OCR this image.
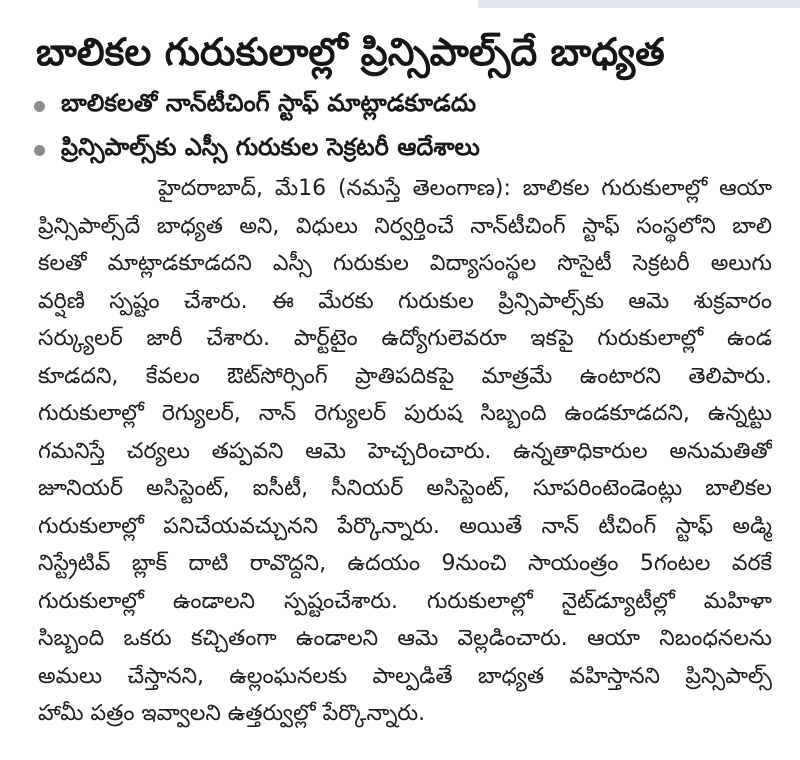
బాలికల గురుకులాల్లో ప్రిన్సిపాల్స్‌దే బాధ్యత
బాలికలతో నాన్‌టీచింగ్ స్టాఫ్ మాట్లాడకూడదు
ప్రిన్సిపాల్స్‌కు ఎస్సీ గురుకుల సెక్రటరీ ఆదేశాలు
హైదరాబాద్, మే16 (నమస్తే తెలంగాణ): బాలికల గురుకులాల్లో ఆయా
ప్రిన్సిపాల్స్‌దే బాధ్యత అని, విధులు నిర్వర్తించే నాన్‌టీచింగ్ స్టాఫ్ సంస్థలోని బాలి
కలతో మాట్లాడకూడదని ఎస్సీ గురుకుల విద్యాసంస్థల సొసైటీ సెక్రటరీ అలుగు
వర్షిణి స్పష్టం చేశారు. ఈ మేరకు గురుకుల ప్రిన్సిపాల్స్‌కు ఆమె శుక్రవారం
సర్క్యులర్ జారీ చేశారు. పార్ట్‌టైం ఉద్యోగులెవరూ ఇకపై గురుకులాల్లో ఉండ
కూడదని, కేవలం ఔట్‌సోర్సింగ్ ప్రాతిపదికపై మాత్రమే ఉంటారని తెలిపారు.
గురుకులాల్లో రెగ్యులర్, నాన్ రెగ్యులర్ పురుష సిబ్బంది ఉండకూడదని, ఉన్నట్టు
గమనిస్తే చర్యలు తప్పవని ఆమె హెచ్చరించారు. ఉన్నతాధికారుల అనుమతితో
జూనియర్ అసిస్టెంట్, ఐసీటీ, సీనియర్ అసిస్టెంట్, సూపరింటెండెంట్లు బాలికల
గురుకులాల్లో పనిచేయవచ్చునని పేర్కొన్నారు. అయితే నాన్ టీచింగ్ స్టాఫ్ అడ్మి
నిస్ట్రేటివ్ బ్లాక్ దాటి రావొద్దని, ఉదయం 9నుంచి సాయంత్రం 5గంటల వరకే
గురుకులాల్లో ఉండాలని స్పష్టంచేశారు. గురుకులాల్లో నైట్‌డ్యూటీల్లో మహిళా
సిబ్బంది ఒకరు కచ్చితంగా ఉండాలని ఆమె వెల్లడించారు. ఆయా నిబంధనలను
అమలు చేస్తానని, ఉల్లంఘనలకు పాల్పడితే బాధ్యత వహిస్తానని ప్రిన్సిపాల్స్
హామీ పత్రం ఇవ్వాలని ఉత్తర్వుల్లో పేర్కొన్నారు.
